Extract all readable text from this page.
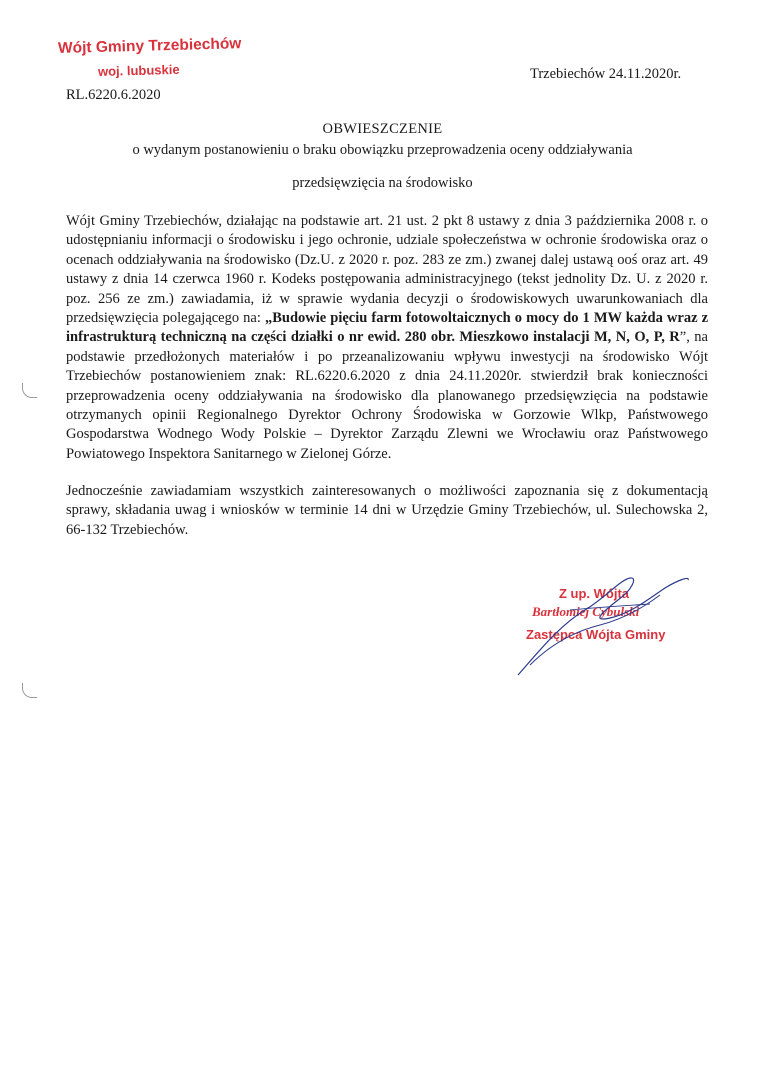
Wójt Gminy Trzebiechów
woj. lubuskie
RL.6220.6.2020
Trzebiechów 24.11.2020r.
OBWIESZCZENIE
o wydanym postanowieniu o braku obowiązku przeprowadzenia oceny oddziaływania
przedsięwzięcia na środowisko
Wójt Gminy Trzebiechów, działając na podstawie art. 21 ust. 2 pkt 8 ustawy z dnia 3 października 2008 r. o udostępnianiu informacji o środowisku i jego ochronie, udziale społeczeństwa w ochronie środowiska oraz o ocenach oddziaływania na środowisko (Dz.U. z 2020 r. poz. 283 ze zm.) zwanej dalej ustawą ooś oraz art. 49 ustawy z dnia 14 czerwca 1960 r. Kodeks postępowania administracyjnego (tekst jednolity Dz. U. z 2020 r. poz. 256 ze zm.) zawiadamia, iż w sprawie wydania decyzji o środowiskowych uwarunkowaniach dla przedsięwzięcia polegającego na: „Budowie pięciu farm fotowoltaicznych o mocy do 1 MW każda wraz z infrastrukturą techniczną na części działki o nr ewid. 280 obr. Mieszkowo instalacji M, N, O, P, R”, na podstawie przedłożonych materiałów i po przeanalizowaniu wpływu inwestycji na środowisko Wójt Trzebiechów postanowieniem znak: RL.6220.6.2020 z dnia 24.11.2020r. stwierdził brak konieczności przeprowadzenia oceny oddziaływania na środowisko dla planowanego przedsięwzięcia na podstawie otrzymanych opinii Regionalnego Dyrektor Ochrony Środowiska w Gorzowie Wlkp, Państwowego Gospodarstwa Wodnego Wody Polskie – Dyrektor Zarządu Zlewni we Wrocławiu oraz Państwowego Powiatowego Inspektora Sanitarnego w Zielonej Górze.
Jednocześnie zawiadamiam wszystkich zainteresowanych o możliwości zapoznania się z dokumentacją sprawy, składania uwag i wniosków w terminie 14 dni w Urzędzie Gminy Trzebiechów, ul. Sulechowska 2, 66-132 Trzebiechów.
Z up. Wójta
Bartłomiej Cybulski
Zastępca Wójta Gminy
